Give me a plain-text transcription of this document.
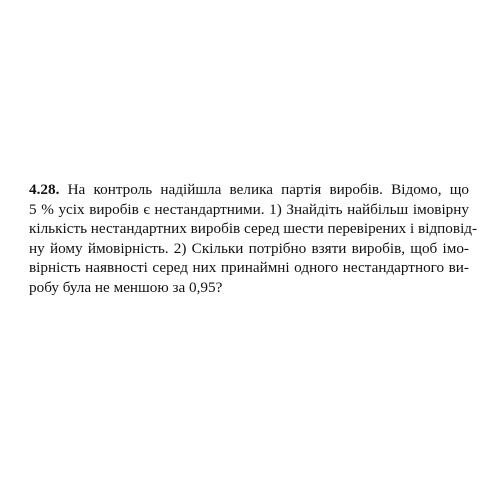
4.28. На контроль надійшла велика партія виробів. Відомо, що
5 % усіх виробів є нестандартними. 1) Знайдіть найбільш імовірну
кількість нестандартних виробів серед шести перевірених і відповід-
ну йому ймовірність. 2) Скільки потрібно взяти виробів, щоб імо-
вірність наявності серед них принаймні одного нестандартного ви-
робу була не меншою за 0,95?
